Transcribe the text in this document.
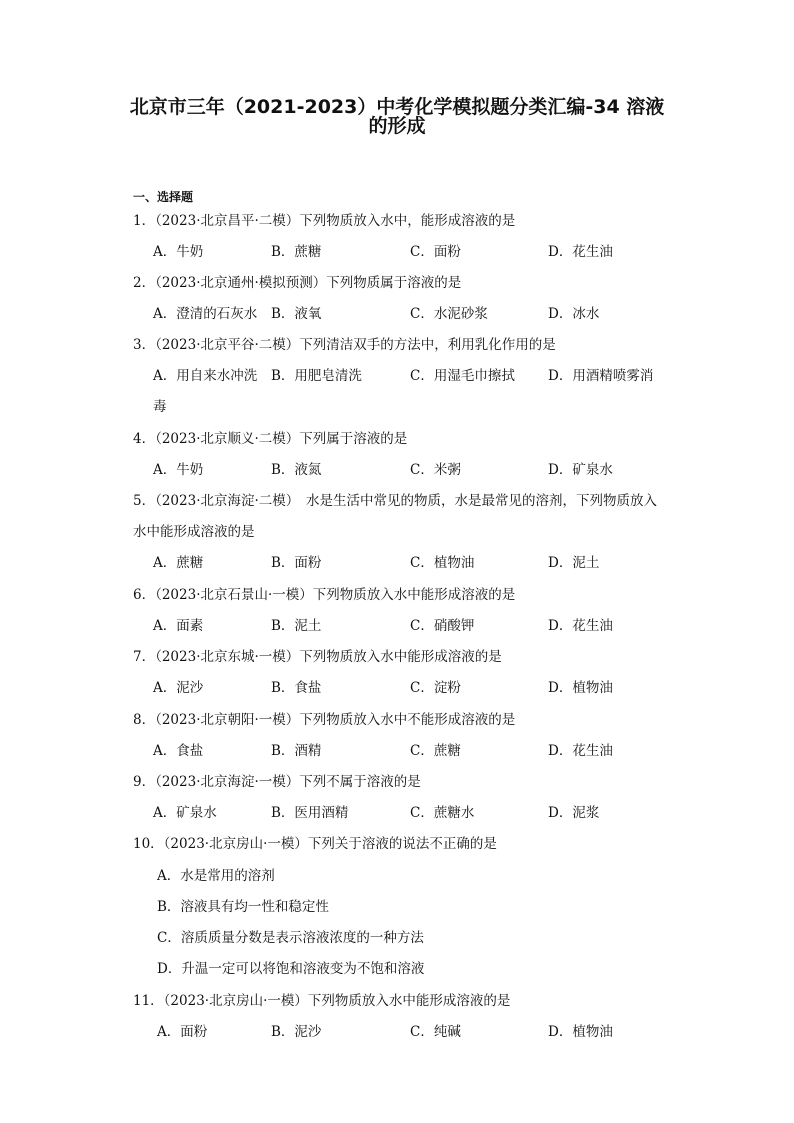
北京市三年（2021-2023）中考化学模拟题分类汇编-34 溶液
的形成
一、选择题
1．（2023·北京昌平·二模）下列物质放入水中，能形成溶液的是
A．牛奶	B．蔗糖	C．面粉	D．花生油
2．（2023·北京通州·模拟预测）下列物质属于溶液的是
A．澄清的石灰水 B．液氧	C．水泥砂浆	D．冰水
3．（2023·北京平谷·二模）下列清洁双手的方法中，利用乳化作用的是
A．用自来水冲洗 B．用肥皂清洗	C．用湿毛巾擦拭 D．用酒精喷雾消
毒
4．（2023·北京顺义·二模）下列属于溶液的是
A．牛奶	B．液氮	C．米粥	D．矿泉水
5．（2023·北京海淀·二模）　水是生活中常见的物质，水是最常见的溶剂，下列物质放入
水中能形成溶液的是
A．蔗糖	B．面粉	C．植物油	D．泥土
6．（2023·北京石景山·一模）下列物质放入水中能形成溶液的是
A．面素	B．泥土	C．硝酸钾	D．花生油
7．（2023·北京东城·一模）下列物质放入水中能形成溶液的是
A．泥沙	B．食盐	C．淀粉	D．植物油
8．（2023·北京朝阳·一模）下列物质放入水中不能形成溶液的是
A．食盐	B．酒精	C．蔗糖	D．花生油
9．（2023·北京海淀·一模）下列不属于溶液的是
A．矿泉水	B．医用酒精	C．蔗糖水	D．泥浆
10．（2023·北京房山·一模）下列关于溶液的说法不正确的是
A．水是常用的溶剂
B．溶液具有均一性和稳定性
C．溶质质量分数是表示溶液浓度的一种方法
D．升温一定可以将饱和溶液变为不饱和溶液
11．（2023·北京房山·一模）下列物质放入水中能形成溶液的是
A．面粉	B．泥沙	C．纯碱	D．植物油
